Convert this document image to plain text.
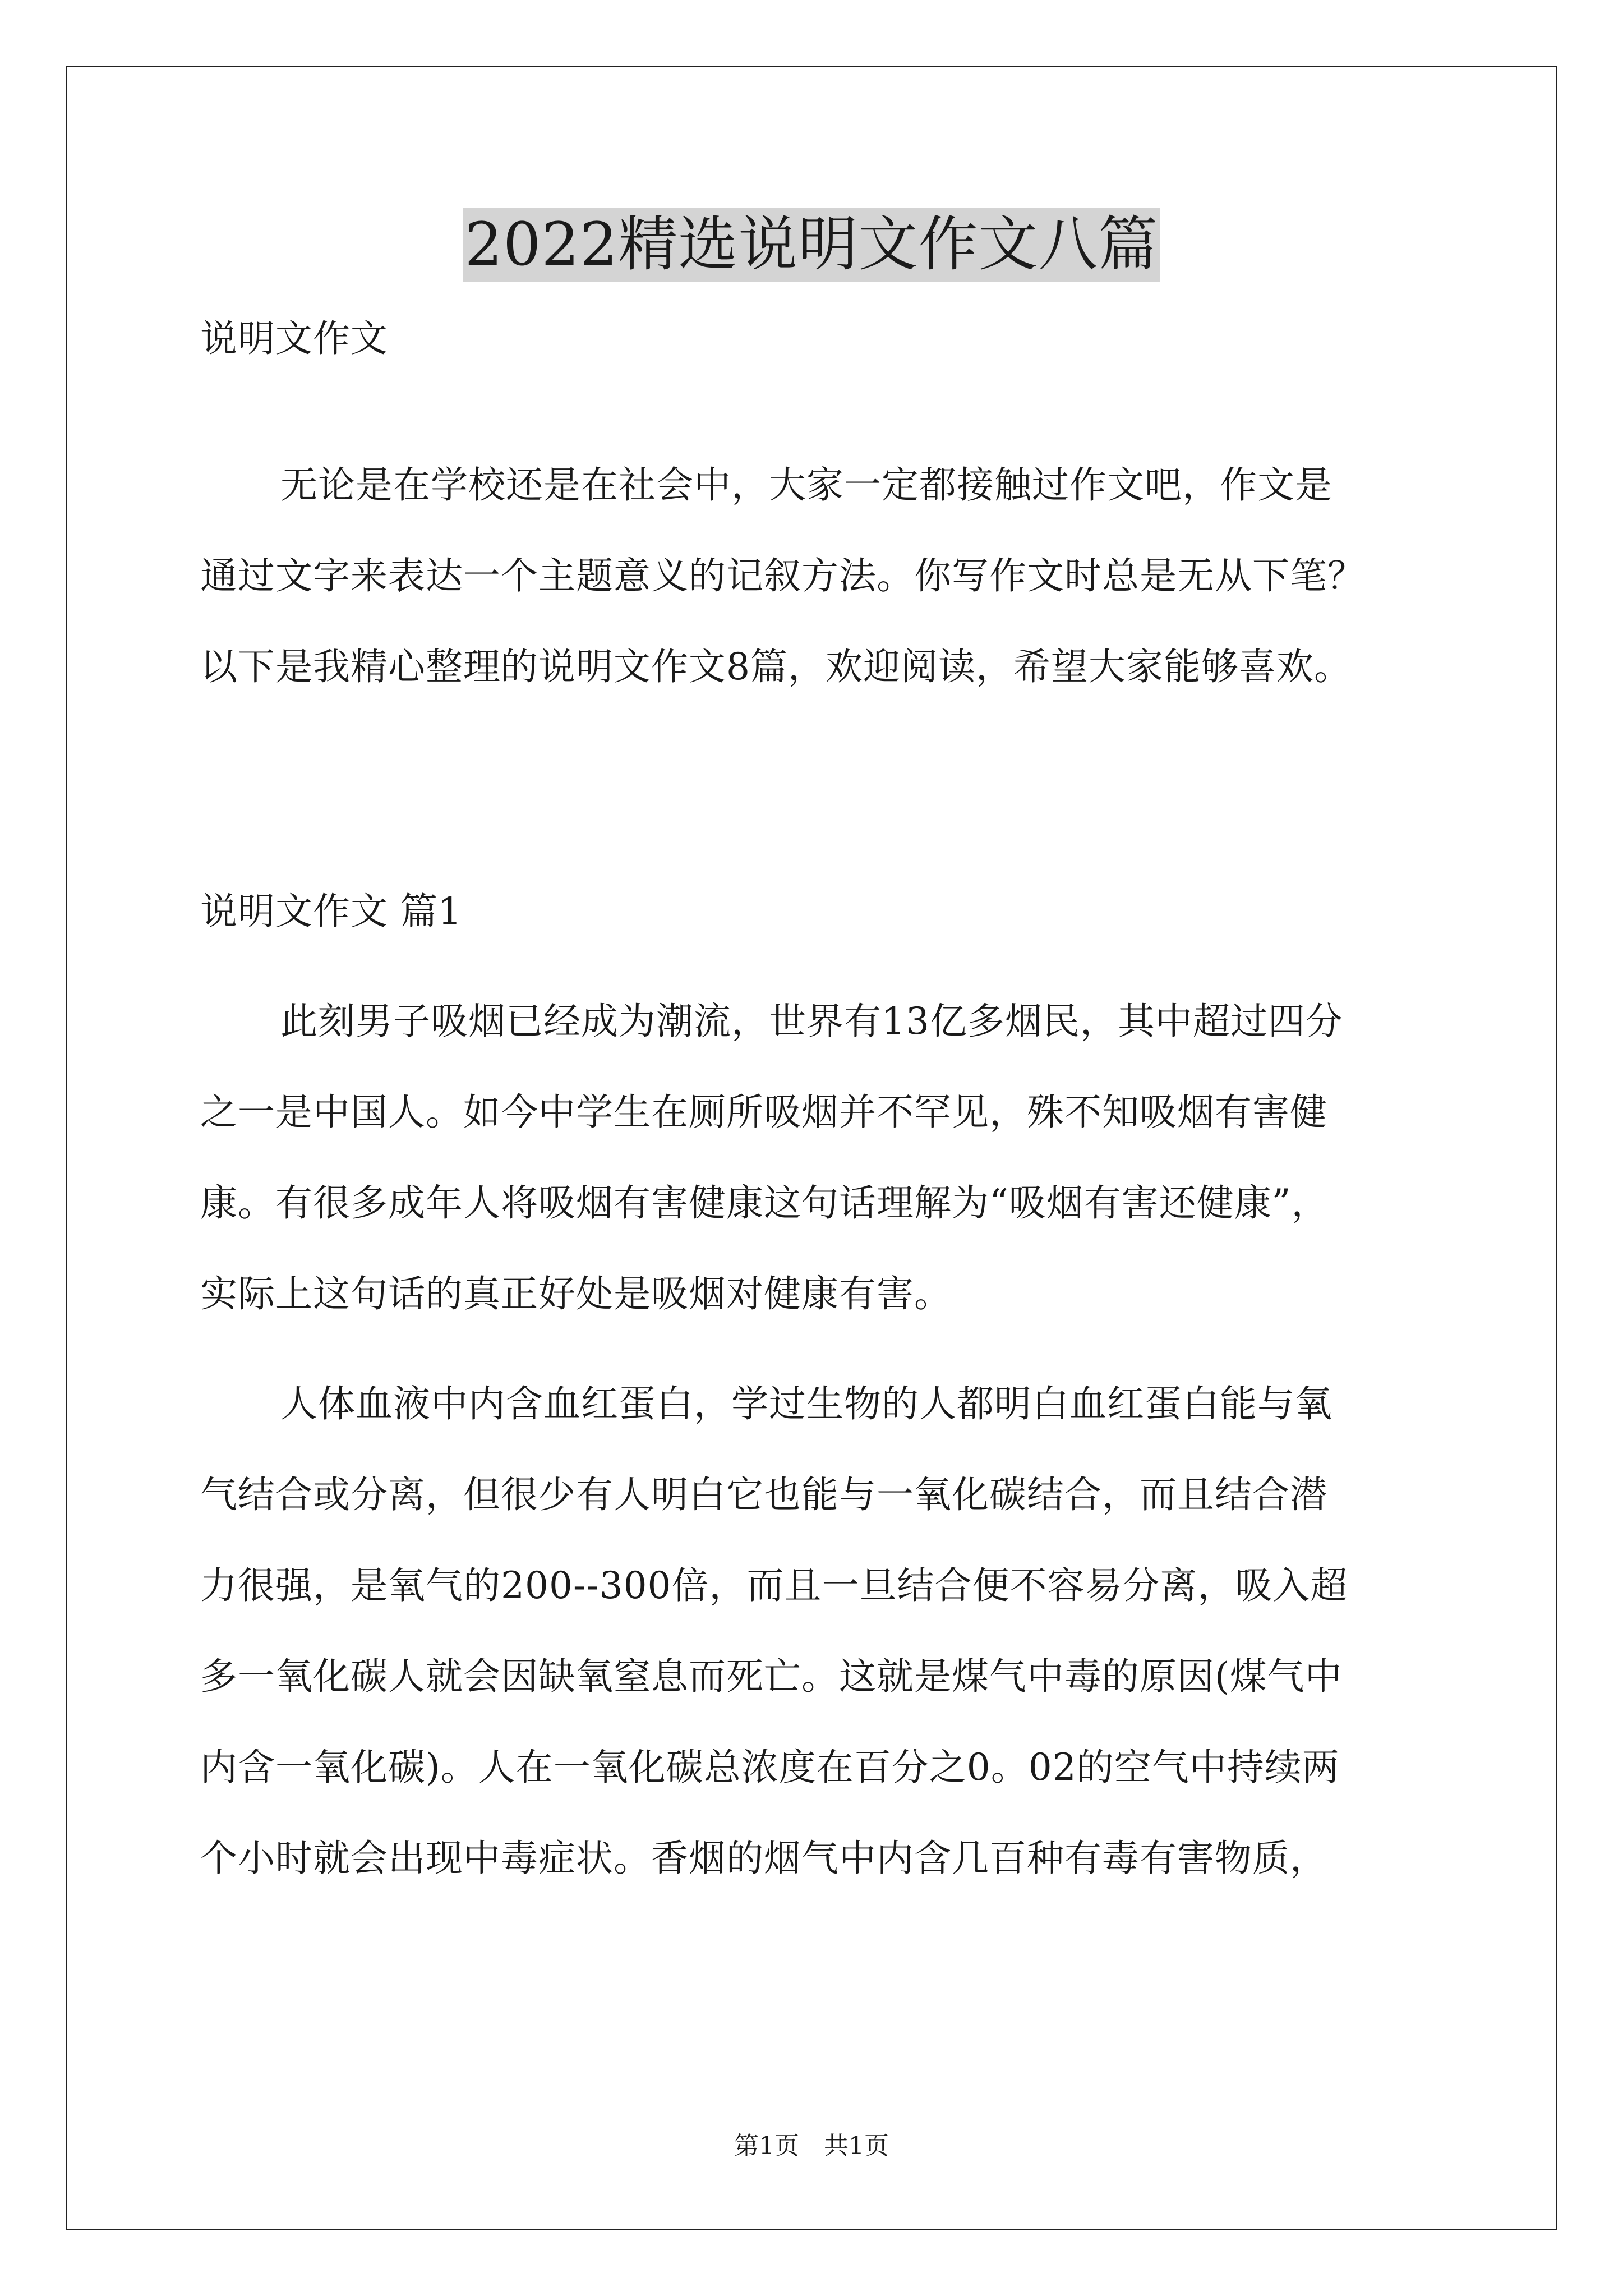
2022精选说明文作文八篇
说明文作文
无论是在学校还是在社会中，大家一定都接触过作文吧，作文是
通过文字来表达一个主题意义的记叙方法。你写作文时总是无从下笔？
以下是我精心整理的说明文作文8篇，欢迎阅读，希望大家能够喜欢。
说明文作文 篇1
此刻男子吸烟已经成为潮流，世界有13亿多烟民，其中超过四分
之一是中国人。如今中学生在厕所吸烟并不罕见，殊不知吸烟有害健
康。有很多成年人将吸烟有害健康这句话理解为“吸烟有害还健康”，
实际上这句话的真正好处是吸烟对健康有害。
人体血液中内含血红蛋白，学过生物的人都明白血红蛋白能与氧
气结合或分离，但很少有人明白它也能与一氧化碳结合，而且结合潜
力很强，是氧气的200--300倍，而且一旦结合便不容易分离，吸入超
多一氧化碳人就会因缺氧窒息而死亡。这就是煤气中毒的原因(煤气中
内含一氧化碳)。人在一氧化碳总浓度在百分之0。02的空气中持续两
个小时就会出现中毒症状。香烟的烟气中内含几百种有毒有害物质，
第1页　共1页
